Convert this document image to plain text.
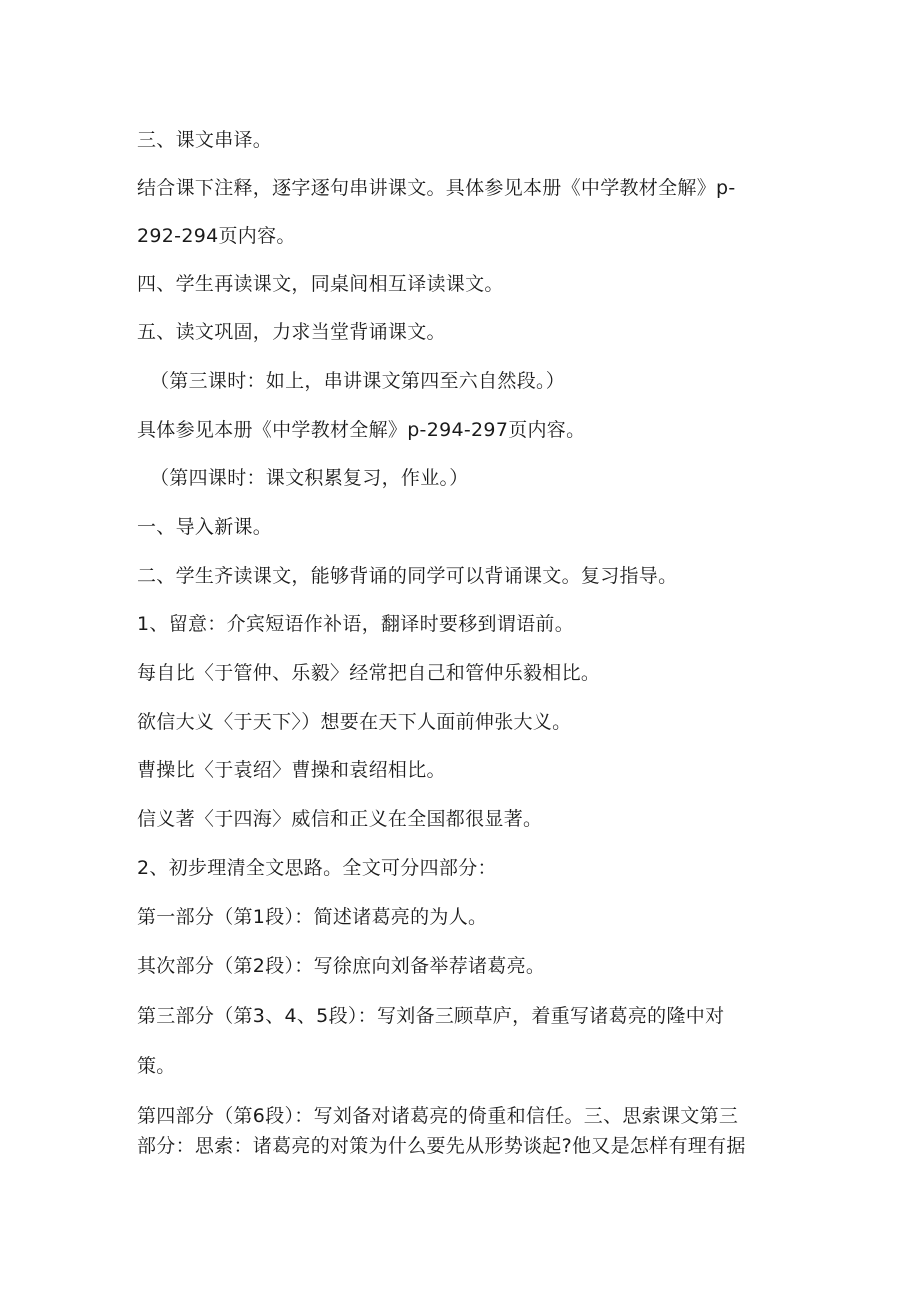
三、课文串译。

结合课下注释，逐字逐句串讲课文。具体参见本册《中学教材全解》p-

292-294页内容。

四、学生再读课文，同桌间相互译读课文。

五、读文巩固，力求当堂背诵课文。

（第三课时：如上，串讲课文第四至六自然段。）

具体参见本册《中学教材全解》p-294-297页内容。

（第四课时：课文积累复习，作业。）

一、导入新课。

二、学生齐读课文，能够背诵的同学可以背诵课文。复习指导。

1、留意：介宾短语作补语，翻译时要移到谓语前。

每自比〈于管仲、乐毅〉经常把自己和管仲乐毅相比。

欲信大义〈于天下〉）想要在天下人面前伸张大义。

曹操比〈于袁绍〉曹操和袁绍相比。

信义著〈于四海〉威信和正义在全国都很显著。

2、初步理清全文思路。全文可分四部分：

第一部分（第1段）：简述诸葛亮的为人。

其次部分（第2段）：写徐庶向刘备举荐诸葛亮。

第三部分（第3、4、5段）：写刘备三顾草庐，着重写诸葛亮的隆中对

策。

第四部分（第6段）：写刘备对诸葛亮的倚重和信任。三、思索课文第三

部分：思索：诸葛亮的对策为什么要先从形势谈起?他又是怎样有理有据
